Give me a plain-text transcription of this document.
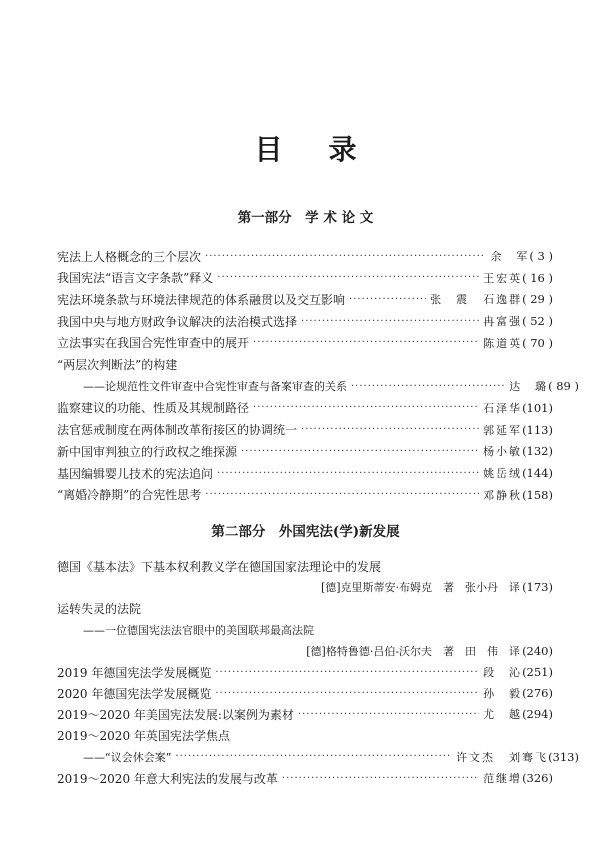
目 录
第一部分　学 术 论 文
宪法上人格概念的三个层次 ·····	余　军 ( 3 )
我国宪法“语言文字条款”释义 ·····	王宏英 ( 16 )
宪法环境条款与环境法律规范的体系融贯以及交互影响 ·····	张　震 石逸群 ( 29 )
我国中央与地方财政争议解决的法治模式选择 ·····	冉富强 ( 52 )
立法事实在我国合宪性审查中的展开 ·····	陈道英 ( 70 )
“两层次判断法”的构建
——论规范性文件审查中合宪性审查与备案审查的关系 ·····	达　璐 ( 89 )
监察建议的功能、性质及其规制路径 ·····	石泽华 (101)
法官惩戒制度在两体制改革衔接区的协调统一 ·····	郭延军 (113)
新中国审判独立的行政权之维探源 ·····	杨小敏 (132)
基因编辑婴儿技术的宪法追问 ·····	姚岳绒 (144)
“离婚冷静期”的合宪性思考 ·····	邓静秋 (158)
第二部分　外国宪法(学)新发展
德国《基本法》下基本权利教义学在德国国家法理论中的发展
[德]克里斯蒂安·布姆克　著　张小丹　译 (173)
运转失灵的法院
——一位德国宪法法官眼中的美国联邦最高法院
[德]格特鲁德·吕伯-沃尔夫　著　田　伟　译 (240)
2019 年德国宪法学发展概览 ·····	段　沁 (251)
2020 年德国宪法学发展概览 ·····	孙　毅 (276)
2019～2020 年美国宪法发展:以案例为素材 ·····	尤　越 (294)
2019～2020 年英国宪法学焦点
——“议会休会案” ·····	许文杰 刘骞飞 (313)
2019～2020 年意大利宪法的发展与改革 ·····	范继增 (326)
